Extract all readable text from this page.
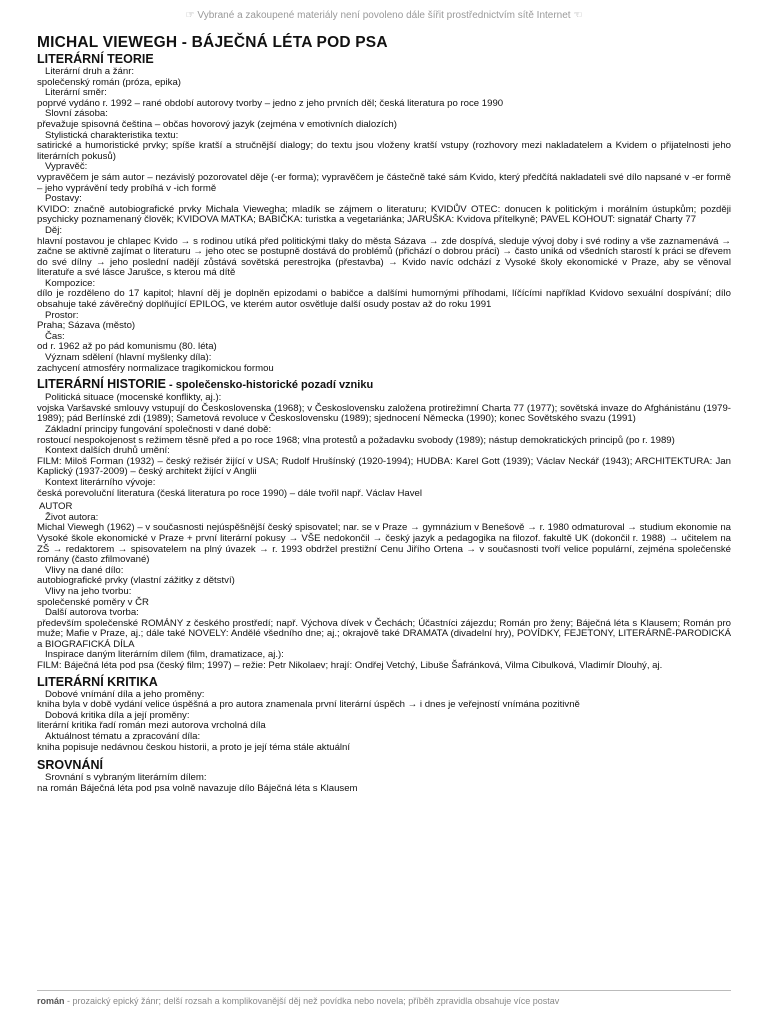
☞ Vybrané a zakoupené materiály není povoleno dále šířit prostřednictvím sítě Internet ☜
MICHAL VIEWEGH - BÁJEČNÁ LÉTA POD PSA
LITERÁRNÍ TEORIE
Literární druh a žánr:
společenský román (próza, epika)
Literární směr:
poprvé vydáno r. 1992 – rané období autorovy tvorby – jedno z jeho prvních děl; česká literatura po roce 1990
Slovní zásoba:
převažuje spisovná čeština – občas hovorový jazyk (zejména v emotivních dialozích)
Stylistická charakteristika textu:
satirické a humoristické prvky; spíše kratší a stručnější dialogy; do textu jsou vloženy kratší vstupy (rozhovory mezi nakladatelem a Kvidem o přijatelnosti jeho literárních pokusů)
Vypravěč:
vypravěčem je sám autor – nezávislý pozorovatel děje (-er forma); vypravěčem je částečně také sám Kvido, který předčítá nakladateli své dílo napsané v -er formě – jeho vyprávění tedy probíhá v -ich formě
Postavy:
KVIDO: značně autobiografické prvky Michala Viewegha; mladík se zájmem o literaturu; KVIDŮV OTEC: donucen k politickým i morálním ústupkům; později psychicky poznamenaný člověk; KVIDOVA MATKA; BABIČKA: turistka a vegetariánka; JARUŠKA: Kvidova přítelkyně; PAVEL KOHOUT: signatář Charty 77
Děj:
hlavní postavou je chlapec Kvido → s rodinou utíká před politickými tlaky do města Sázava → zde dospívá, sleduje vývoj doby i své rodiny a vše zaznamenává → začne se aktivně zajímat o literaturu → jeho otec se postupně dostává do problémů (přichází o dobrou práci) → často uniká od všedních starostí k práci se dřevem do své dílny → jeho poslední nadějí zůstává sovětská perestrojka (přestavba) → Kvido navíc odchází z Vysoké školy ekonomické v Praze, aby se věnoval literatuře a své lásce Jarušce, s kterou má dítě
Kompozice:
dílo je rozděleno do 17 kapitol; hlavní děj je doplněn epizodami o babičce a dalšími humornými příhodami, líčícími například Kvidovo sexuální dospívání; dílo obsahuje také závěrečný doplňující EPILOG, ve kterém autor osvětluje další osudy postav až do roku 1991
Prostor:
Praha; Sázava (město)
Čas:
od r. 1962 až po pád komunismu (80. léta)
Význam sdělení (hlavní myšlenky díla):
zachycení atmosféry normalizace tragikomickou formou
LITERÁRNÍ HISTORIE - společensko-historické pozadí vzniku
Politická situace (mocenské konflikty, aj.):
vojska Varšavské smlouvy vstupují do Československa (1968); v Československu založena protirežimní Charta 77 (1977); sovětská invaze do Afghánistánu (1979-1989); pád Berlínské zdi (1989); Sametová revoluce v Československu (1989); sjednocení Německa (1990); konec Sovětského svazu (1991)
Základní principy fungování společnosti v dané době:
rostoucí nespokojenost s režimem těsně před a po roce 1968; vlna protestů a požadavku svobody (1989); nástup demokratických principů (po r. 1989)
Kontext dalších druhů umění:
FILM: Miloš Forman (1932) – český režisér žijící v USA; Rudolf Hrušínský (1920-1994); HUDBA: Karel Gott (1939); Václav Neckář (1943); ARCHITEKTURA: Jan Kaplický (1937-2009) – český architekt žijící v Anglii
Kontext literárního vývoje:
česká porevoluční literatura (česká literatura po roce 1990) – dále tvořil např. Václav Havel
AUTOR
Život autora:
Michal Viewegh (1962) – v současnosti nejúspěšnější český spisovatel; nar. se v Praze → gymnázium v Benešově → r. 1980 odmaturoval → studium ekonomie na Vysoké škole ekonomické v Praze + první literární pokusy → VŠE nedokončil → český jazyk a pedagogika na filozof. fakultě UK (dokončil r. 1988) → učitelem na ZŠ → redaktorem → spisovatelem na plný úvazek → r. 1993 obdržel prestižní Cenu Jiřího Ortena → v současnosti tvoří velice populární, zejména společenské romány (často zfilmované)
Vlivy na dané dílo:
autobiografické prvky (vlastní zážitky z dětství)
Vlivy na jeho tvorbu:
společenské poměry v ČR
Další autorova tvorba:
především společenské ROMÁNY z českého prostředí; např. Výchova dívek v Čechách; Účastníci zájezdu; Román pro ženy; Báječná léta s Klausem; Román pro muže; Mafie v Praze, aj.; dále také NOVELY: Andělé všedního dne; aj.; okrajově také DRAMATA (divadelní hry), POVÍDKY, FEJETONY, LITERÁRNĚ-PARODICKÁ a BIOGRAFICKÁ DÍLA
Inspirace daným literárním dílem (film, dramatizace, aj.):
FILM: Báječná léta pod psa (český film; 1997) – režie: Petr Nikolaev; hrají: Ondřej Vetchý, Libuše Šafránková, Vilma Cibulková, Vladimír Dlouhý, aj.
LITERÁRNÍ KRITIKA
Dobové vnímání díla a jeho proměny:
kniha byla v době vydání velice úspěšná a pro autora znamenala první literární úspěch → i dnes je veřejností vnímána pozitivně
Dobová kritika díla a její proměny:
literární kritika řadí román mezi autorova vrcholná díla
Aktuálnost tématu a zpracování díla:
kniha popisuje nedávnou českou historii, a proto je její téma stále aktuální
SROVNÁNÍ
Srovnání s vybraným literárním dílem:
na román Báječná léta pod psa volně navazuje dílo Báječná léta s Klausem
román - prozaický epický žánr; delší rozsah a komplikovanější děj než povídka nebo novela; příběh zpravidla obsahuje více postav
